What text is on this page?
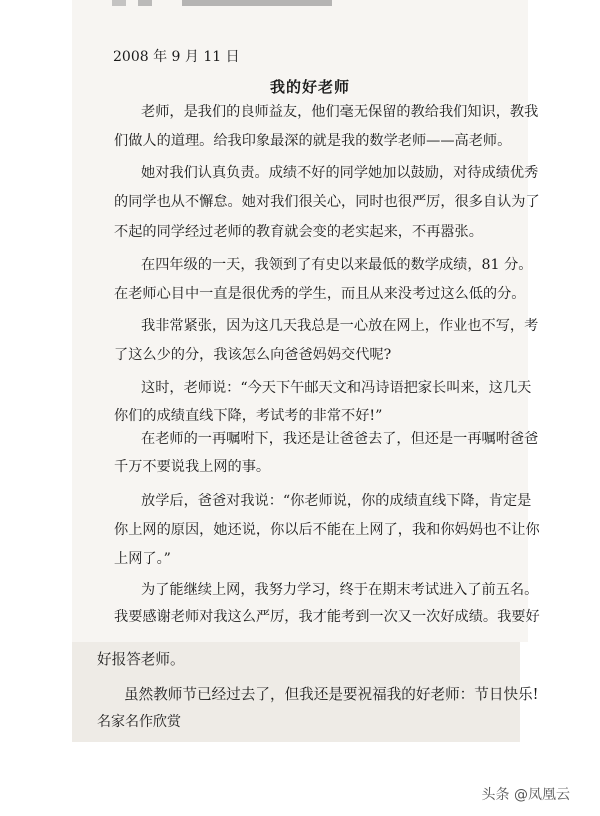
2008 年 9 月 11 日
我的好老师
老师，是我们的良师益友，他们毫无保留的教给我们知识，教我
们做人的道理。给我印象最深的就是我的数学老师——高老师。
她对我们认真负责。成绩不好的同学她加以鼓励，对待成绩优秀
的同学也从不懈怠。她对我们很关心，同时也很严厉，很多自认为了
不起的同学经过老师的教育就会变的老实起来，不再嚣张。
在四年级的一天，我领到了有史以来最低的数学成绩，81 分。
在老师心目中一直是很优秀的学生，而且从来没考过这么低的分。
我非常紧张，因为这几天我总是一心放在网上，作业也不写，考
了这么少的分，我该怎么向爸爸妈妈交代呢?
这时，老师说：“今天下午邮天文和冯诗语把家长叫来，这几天
你们的成绩直线下降，考试考的非常不好!”
在老师的一再嘱咐下，我还是让爸爸去了，但还是一再嘱咐爸爸
千万不要说我上网的事。
放学后，爸爸对我说：“你老师说，你的成绩直线下降，肯定是
你上网的原因，她还说，你以后不能在上网了，我和你妈妈也不让你
上网了。”
为了能继续上网，我努力学习，终于在期末考试进入了前五名。
我要感谢老师对我这么严厉，我才能考到一次又一次好成绩。我要好
好报答老师。
虽然教师节已经过去了，但我还是要祝福我的好老师：节日快乐!
名家名作欣赏
头条 @凤凰云
